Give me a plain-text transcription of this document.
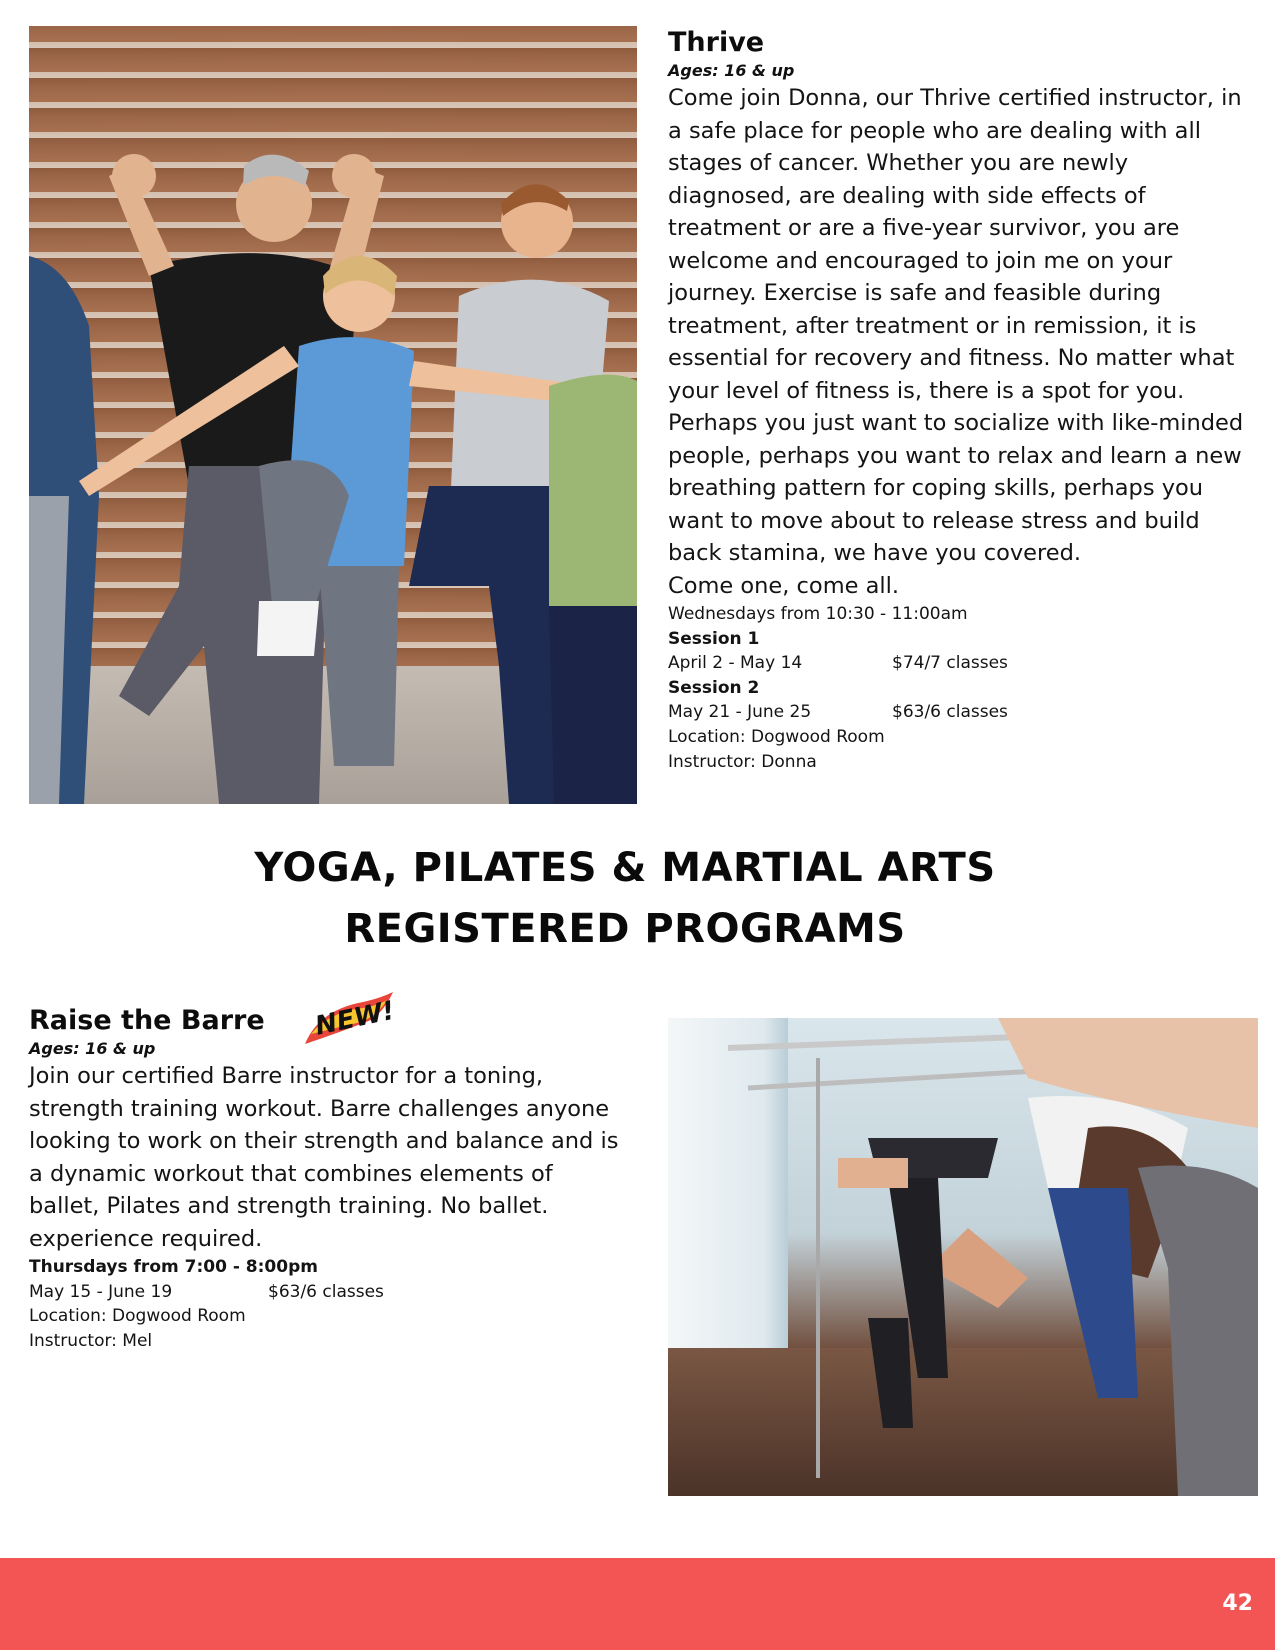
Thrive

Ages: 16 & up

Come join Donna, our Thrive certified instructor, in

a safe place for people who are dealing with all

stages of cancer. Whether you are newly

diagnosed, are dealing with side effects of

treatment or are a five-year survivor, you are

welcome and encouraged to join me on your

journey. Exercise is safe and feasible during

treatment, after treatment or in remission, it is

essential for recovery and fitness. No matter what

your level of fitness is, there is a spot for you.

Perhaps you just want to socialize with like-minded

people, perhaps you want to relax and learn a new

breathing pattern for coping skills, perhaps you

want to move about to release stress and build

back stamina, we have you covered.

Come one, come all.

Wednesdays from 10:30 - 11:00am

Session 1

April 2 - May 14	$74/7 classes

Session 2

May 21 - June 25	$63/6 classes

Location: Dogwood Room

Instructor: Donna

YOGA, PILATES & MARTIAL ARTS
REGISTERED PROGRAMS
Raise the Barre NEW!

Ages: 16 & up

Join our certified Barre instructor for a toning,

strength training workout. Barre challenges anyone

looking to work on their strength and balance and is

a dynamic workout that combines elements of

ballet, Pilates and strength training. No ballet.

experience required.

Thursdays from 7:00 - 8:00pm

May 15 - June 19	$63/6 classes

Location: Dogwood Room

Instructor: Mel

42
